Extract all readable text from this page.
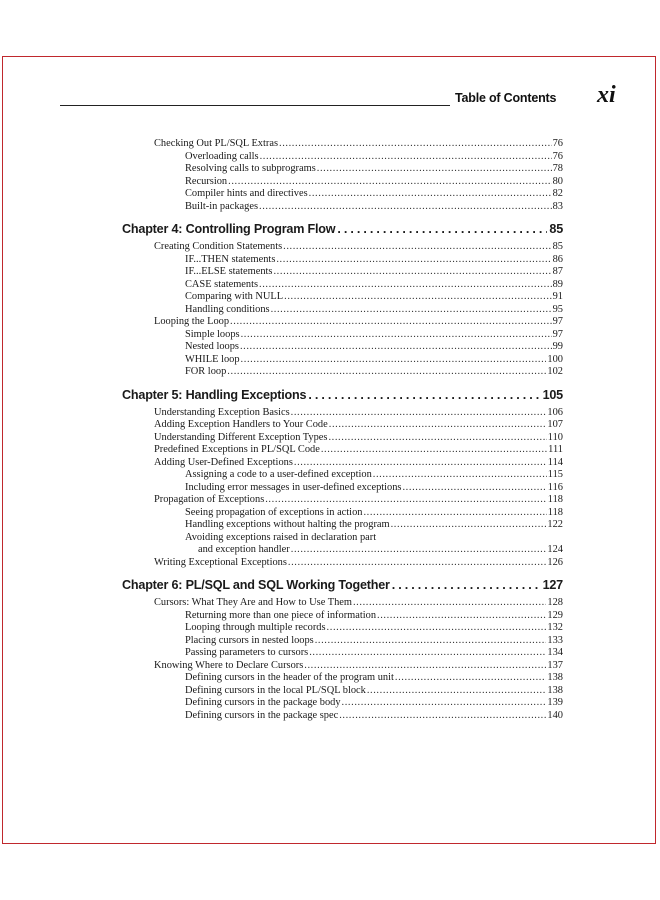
Table of Contents xi
Checking Out PL/SQL Extras .....	76
Overloading calls .....	76
Resolving calls to subprograms .....	78
Recursion .....	80
Compiler hints and directives .....	82
Built-in packages .....	83
Chapter 4: Controlling Program Flow .....	85
Creating Condition Statements .....	85
IF...THEN statements .....	86
IF...ELSE statements .....	87
CASE statements .....	89
Comparing with NULL .....	91
Handling conditions .....	95
Looping the Loop .....	97
Simple loops .....	97
Nested loops .....	99
WHILE loop .....	100
FOR loop .....	102
Chapter 5: Handling Exceptions .....	105
Understanding Exception Basics .....	106
Adding Exception Handlers to Your Code .....	107
Understanding Different Exception Types .....	110
Predefined Exceptions in PL/SQL Code .....	111
Adding User-Defined Exceptions .....	114
Assigning a code to a user-defined exception .....	115
Including error messages in user-defined exceptions .....	116
Propagation of Exceptions .....	118
Seeing propagation of exceptions in action .....	118
Handling exceptions without halting the program .....	122
Avoiding exceptions raised in declaration part
and exception handler .....	124
Writing Exceptional Exceptions .....	126
Chapter 6: PL/SQL and SQL Working Together .....	127
Cursors: What They Are and How to Use Them .....	128
Returning more than one piece of information .....	129
Looping through multiple records .....	132
Placing cursors in nested loops .....	133
Passing parameters to cursors .....	134
Knowing Where to Declare Cursors .....	137
Defining cursors in the header of the program unit .....	138
Defining cursors in the local PL/SQL block .....	138
Defining cursors in the package body .....	139
Defining cursors in the package spec .....	140
